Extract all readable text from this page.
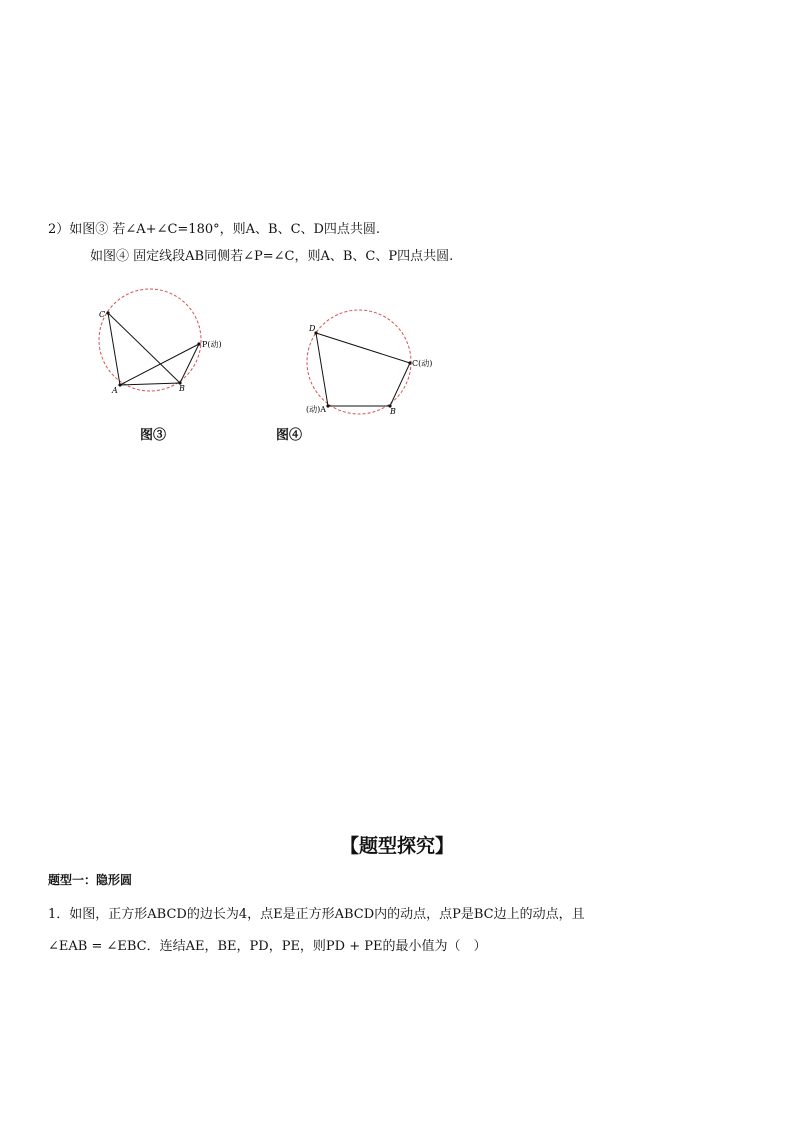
2）如图③ 若∠A+∠C=180°，则A、B、C、D四点共圆.
如图④ 固定线段AB同侧若∠P=∠C，则A、B、C、P四点共圆.
C
A	B
P(动)
图③
D
C(动)
B
(动)A
图④
【题型探究】
题型一：隐形圆
1．如图，正方形ABCD的边长为4，点E是正方形ABCD内的动点，点P是BC边上的动点，且
∠EAB = ∠EBC．连结AE，BE，PD，PE，则PD + PE的最小值为（　）
